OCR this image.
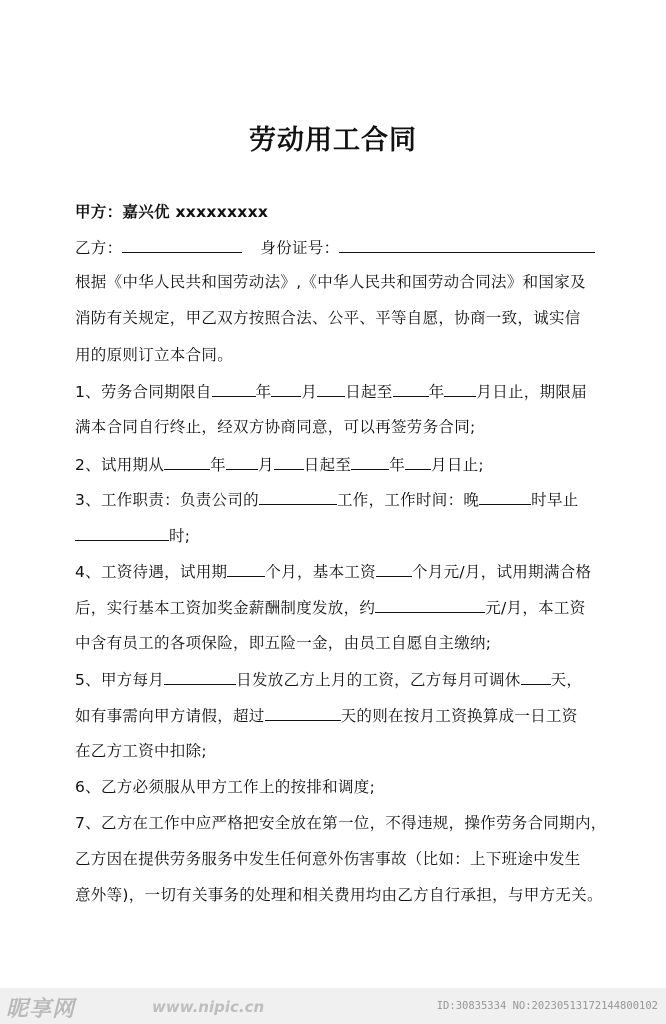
劳动用工合同
甲方：嘉兴优 xxxxxxxxx
乙方：	身份证号：
根据《中华人民共和国劳动法》,《中华人民共和国劳动合同法》和国家及
消防有关规定，甲乙双方按照合法、公平、平等自愿，协商一致，诚实信
用的原则订立本合同。
1、劳务合同期限自	年 月 日起至 年 月日止，期限届
满本合同自行终止，经双方协商同意，可以再签劳务合同;
2、试用期从	年 月 日起至 年 月日止;
3、工作职责：负责公司的	工作，工作时间：晚	时早止
时;
4、工资待遇，试用期 个月，基本工资 个月元/月，试用期满合格
后，实行基本工资加奖金薪酬制度发放，约	元/月，本工资
中含有员工的各项保险，即五险一金，由员工自愿自主缴纳;
5、甲方每月	日发放乙方上月的工资，乙方每月可调休 天，
如有事需向甲方请假，超过	天的则在按月工资换算成一日工资
在乙方工资中扣除;
6、乙方必须服从甲方工作上的按排和调度;
7、乙方在工作中应严格把安全放在第一位，不得违规，操作劳务合同期内，
乙方因在提供劳务服务中发生任何意外伤害事故（比如：上下班途中发生
意外等)，一切有关事务的处理和相关费用均由乙方自行承担，与甲方无关。
昵享网	www.nipic.cn	ID:30835334 NO:20230513172144800102
